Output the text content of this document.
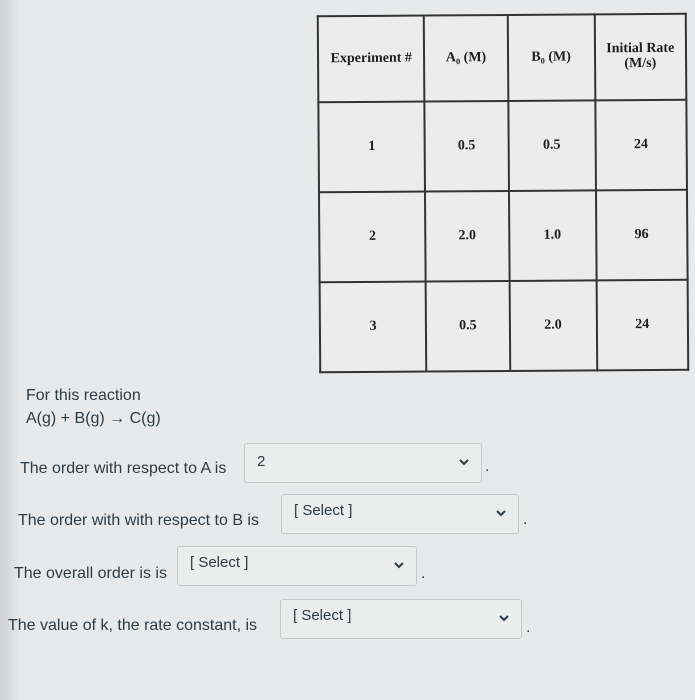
Experiment #	A₀ (M)	B₀ (M)	Initial Rate (M/s)
1	0.5	0.5	24
2	2.0	1.0	96
3	0.5	2.0	24
For this reaction
A(g) + B(g) → C(g)
The order with respect to A is 2	.
The order with with respect to B is
[ Select ]
.
The overall order is is
[ Select ]
.
The value of k, the rate constant, is
[ Select ]
.
